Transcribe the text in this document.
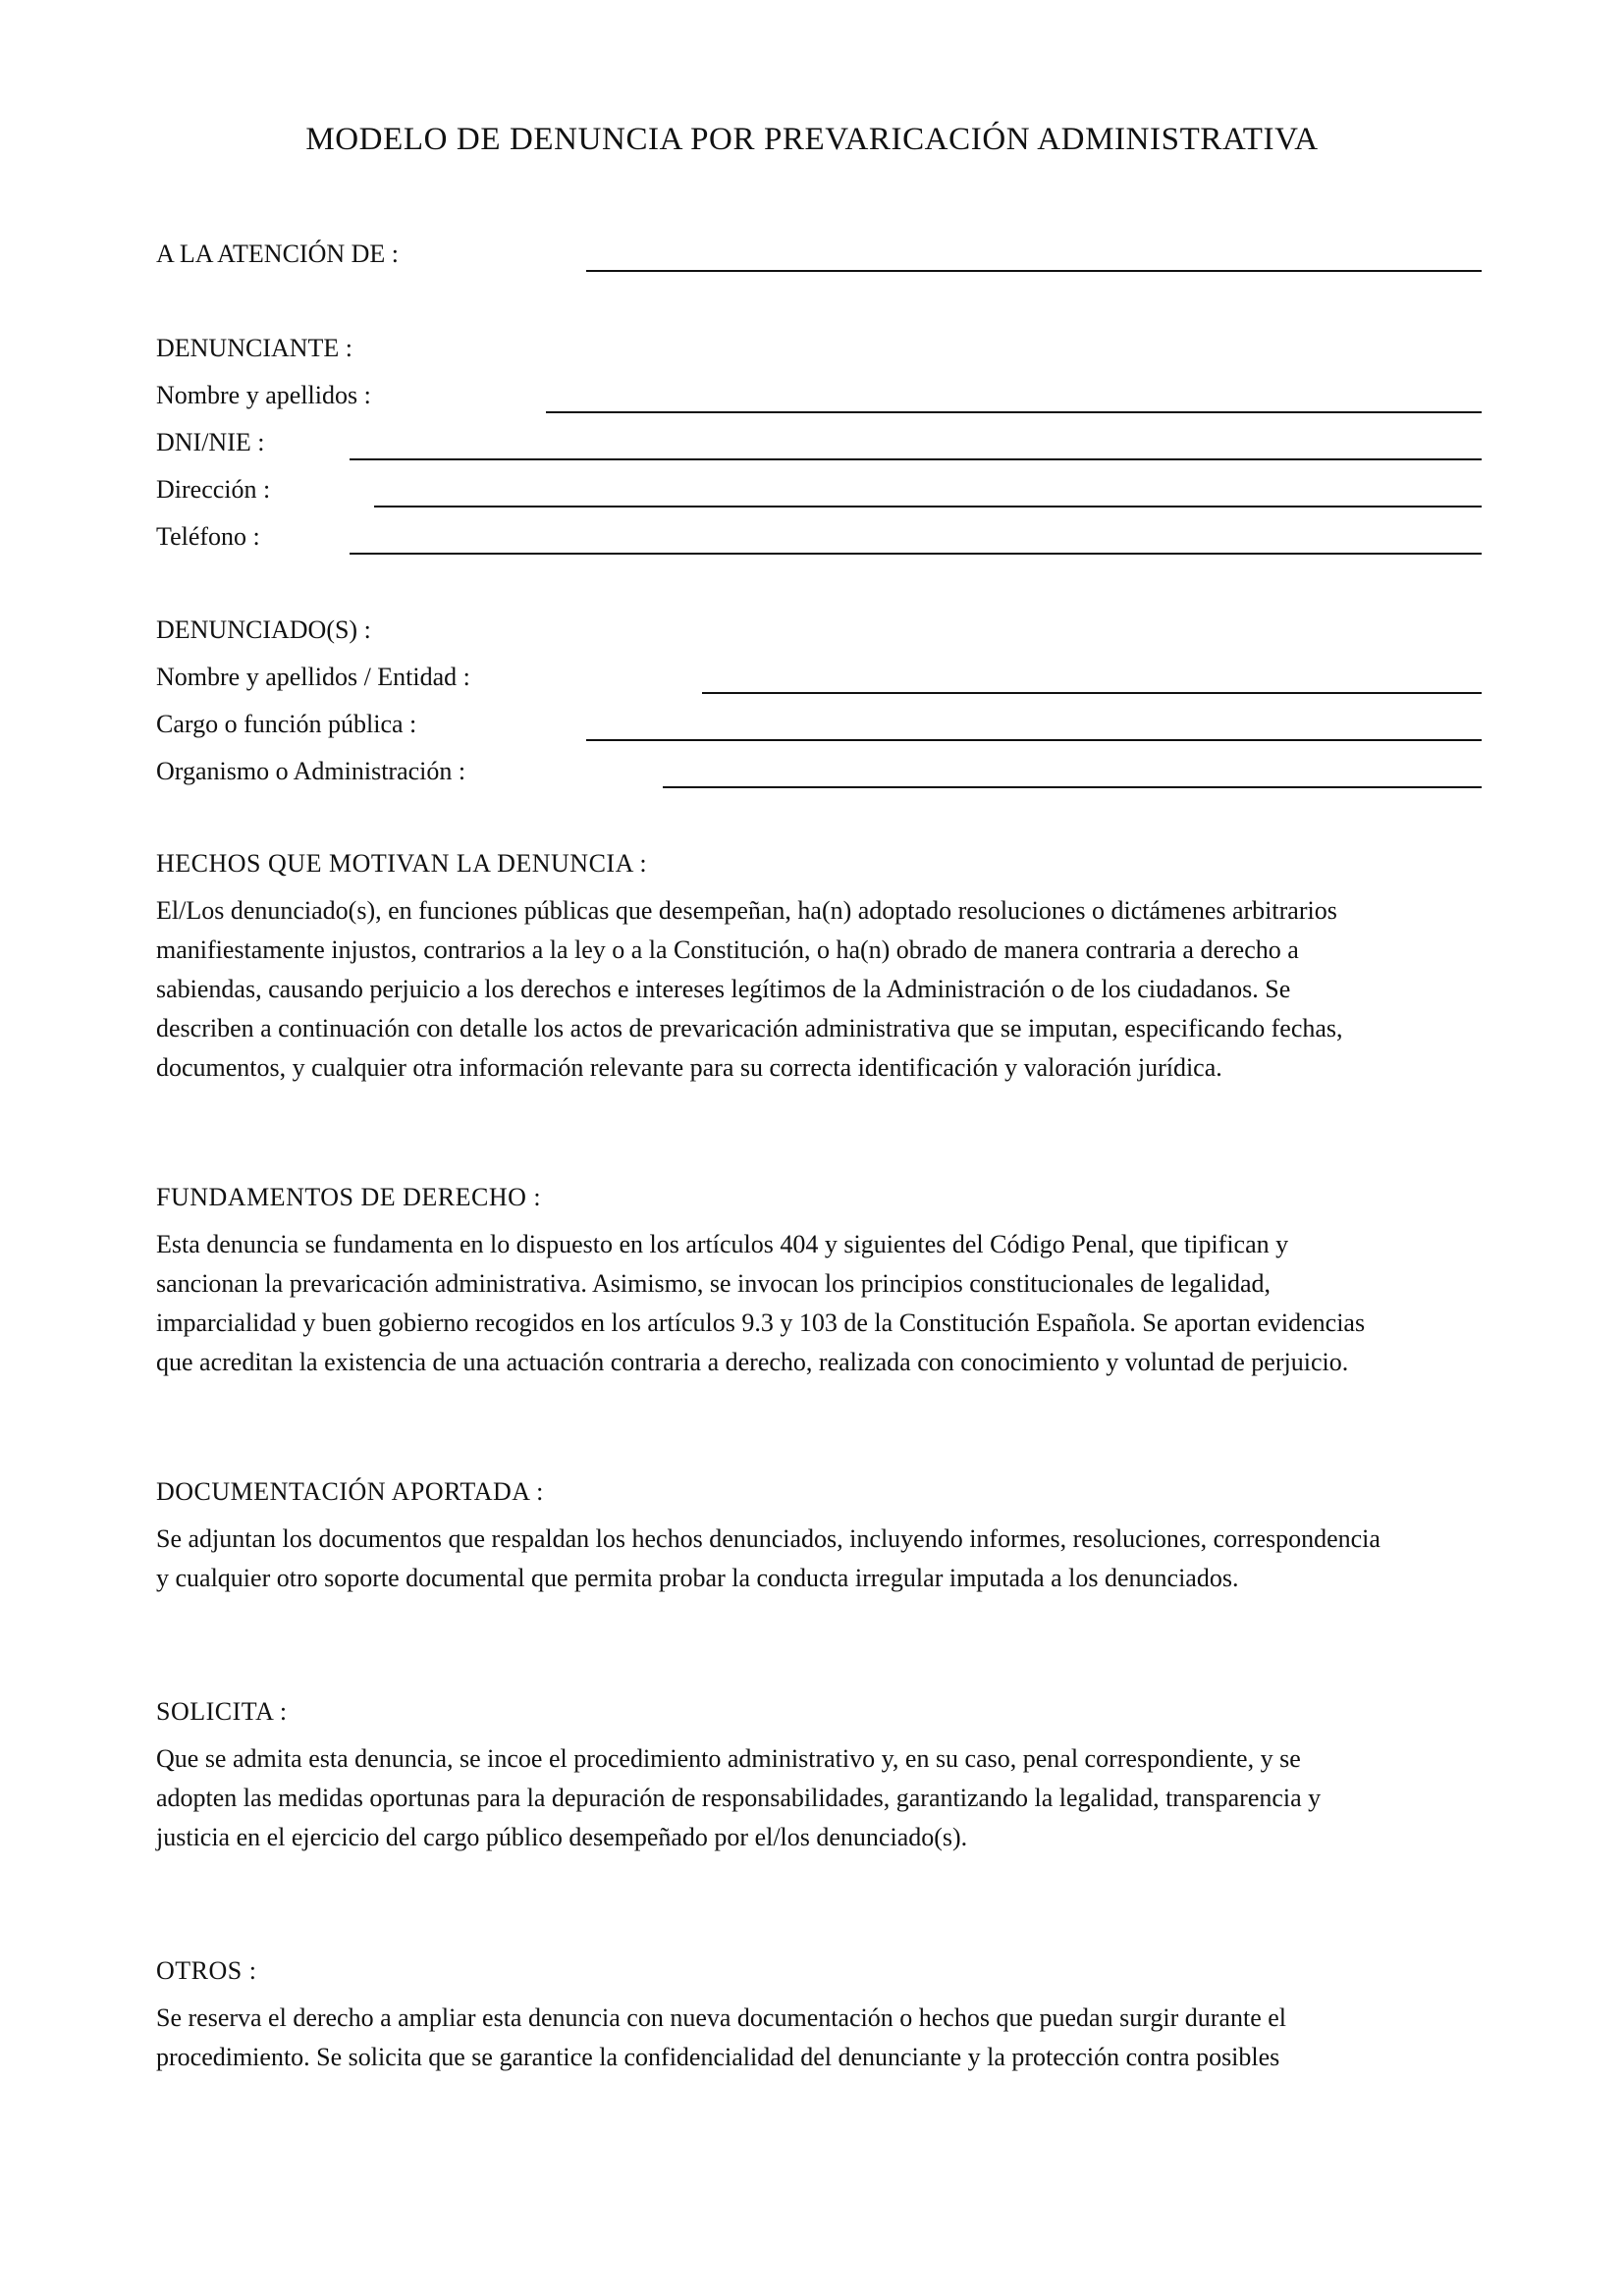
MODELO DE DENUNCIA POR PREVARICACIÓN ADMINISTRATIVA
A LA ATENCIÓN DE :
DENUNCIANTE :
Nombre y apellidos :
DNI/NIE :
Dirección :
Teléfono :
DENUNCIADO(S) :
Nombre y apellidos / Entidad :
Cargo o función pública :
Organismo o Administración :
HECHOS QUE MOTIVAN LA DENUNCIA :
El/Los denunciado(s), en funciones públicas que desempeñan, ha(n) adoptado resoluciones o dictámenes arbitrarios
manifiestamente injustos, contrarios a la ley o a la Constitución, o ha(n) obrado de manera contraria a derecho a
sabiendas, causando perjuicio a los derechos e intereses legítimos de la Administración o de los ciudadanos. Se
describen a continuación con detalle los actos de prevaricación administrativa que se imputan, especificando fechas,
documentos, y cualquier otra información relevante para su correcta identificación y valoración jurídica.
FUNDAMENTOS DE DERECHO :
Esta denuncia se fundamenta en lo dispuesto en los artículos 404 y siguientes del Código Penal, que tipifican y
sancionan la prevaricación administrativa. Asimismo, se invocan los principios constitucionales de legalidad,
imparcialidad y buen gobierno recogidos en los artículos 9.3 y 103 de la Constitución Española. Se aportan evidencias
que acreditan la existencia de una actuación contraria a derecho, realizada con conocimiento y voluntad de perjuicio.
DOCUMENTACIÓN APORTADA :
Se adjuntan los documentos que respaldan los hechos denunciados, incluyendo informes, resoluciones, correspondencia
y cualquier otro soporte documental que permita probar la conducta irregular imputada a los denunciados.
SOLICITA :
Que se admita esta denuncia, se incoe el procedimiento administrativo y, en su caso, penal correspondiente, y se
adopten las medidas oportunas para la depuración de responsabilidades, garantizando la legalidad, transparencia y
justicia en el ejercicio del cargo público desempeñado por el/los denunciado(s).
OTROS :
Se reserva el derecho a ampliar esta denuncia con nueva documentación o hechos que puedan surgir durante el
procedimiento. Se solicita que se garantice la confidencialidad del denunciante y la protección contra posibles
